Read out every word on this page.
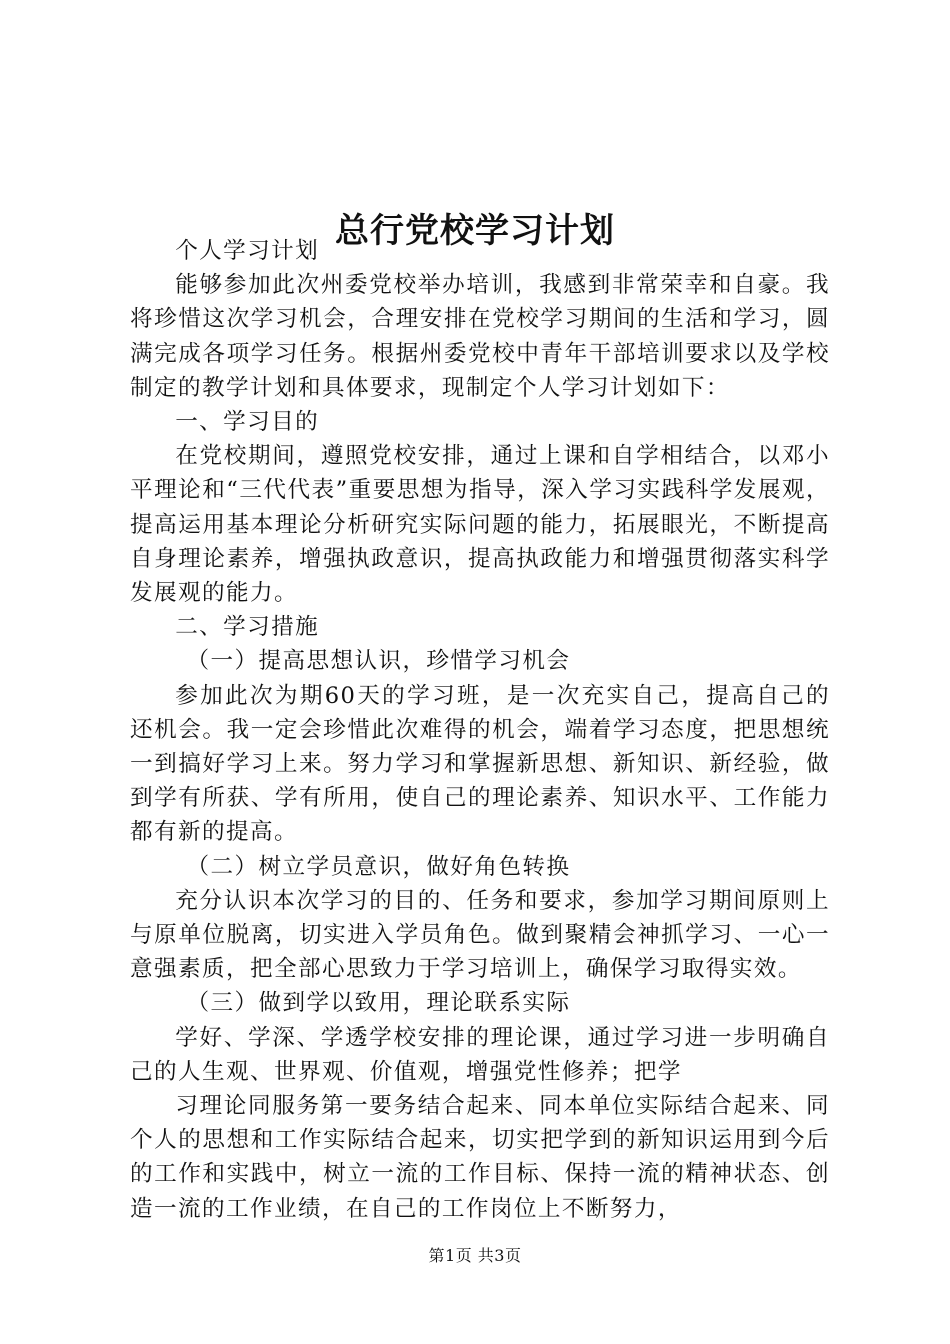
总行党校学习计划

个人学习计划

能够参加此次州委党校举办培训，我感到非常荣幸和自豪。我将珍惜这次学习机会，合理安排在党校学习期间的生活和学习，圆满完成各项学习任务。根据州委党校中青年干部培训要求以及学校制定的教学计划和具体要求，现制定个人学习计划如下：

一、学习目的

在党校期间，遵照党校安排，通过上课和自学相结合，以邓小平理论和“三代代表”重要思想为指导，深入学习实践科学发展观，提高运用基本理论分析研究实际问题的能力，拓展眼光，不断提高自身理论素养，增强执政意识，提高执政能力和增强贯彻落实科学发展观的能力。

二、学习措施

（一）提高思想认识，珍惜学习机会

参加此次为期60天的学习班，是一次充实自己，提高自己的还机会。我一定会珍惜此次难得的机会，端着学习态度，把思想统一到搞好学习上来。努力学习和掌握新思想、新知识、新经验，做到学有所获、学有所用，使自己的理论素养、知识水平、工作能力都有新的提高。

（二）树立学员意识，做好角色转换

充分认识本次学习的目的、任务和要求，参加学习期间原则上与原单位脱离，切实进入学员角色。做到聚精会神抓学习、一心一意强素质，把全部心思致力于学习培训上，确保学习取得实效。

（三）做到学以致用，理论联系实际

学好、学深、学透学校安排的理论课，通过学习进一步明确自己的人生观、世界观、价值观，增强党性修养；把学

习理论同服务第一要务结合起来、同本单位实际结合起来、同个人的思想和工作实际结合起来，切实把学到的新知识运用到今后的工作和实践中，树立一流的工作目标、保持一流的精神状态、创造一流的工作业绩，在自己的工作岗位上不断努力，

第1页 共3页
